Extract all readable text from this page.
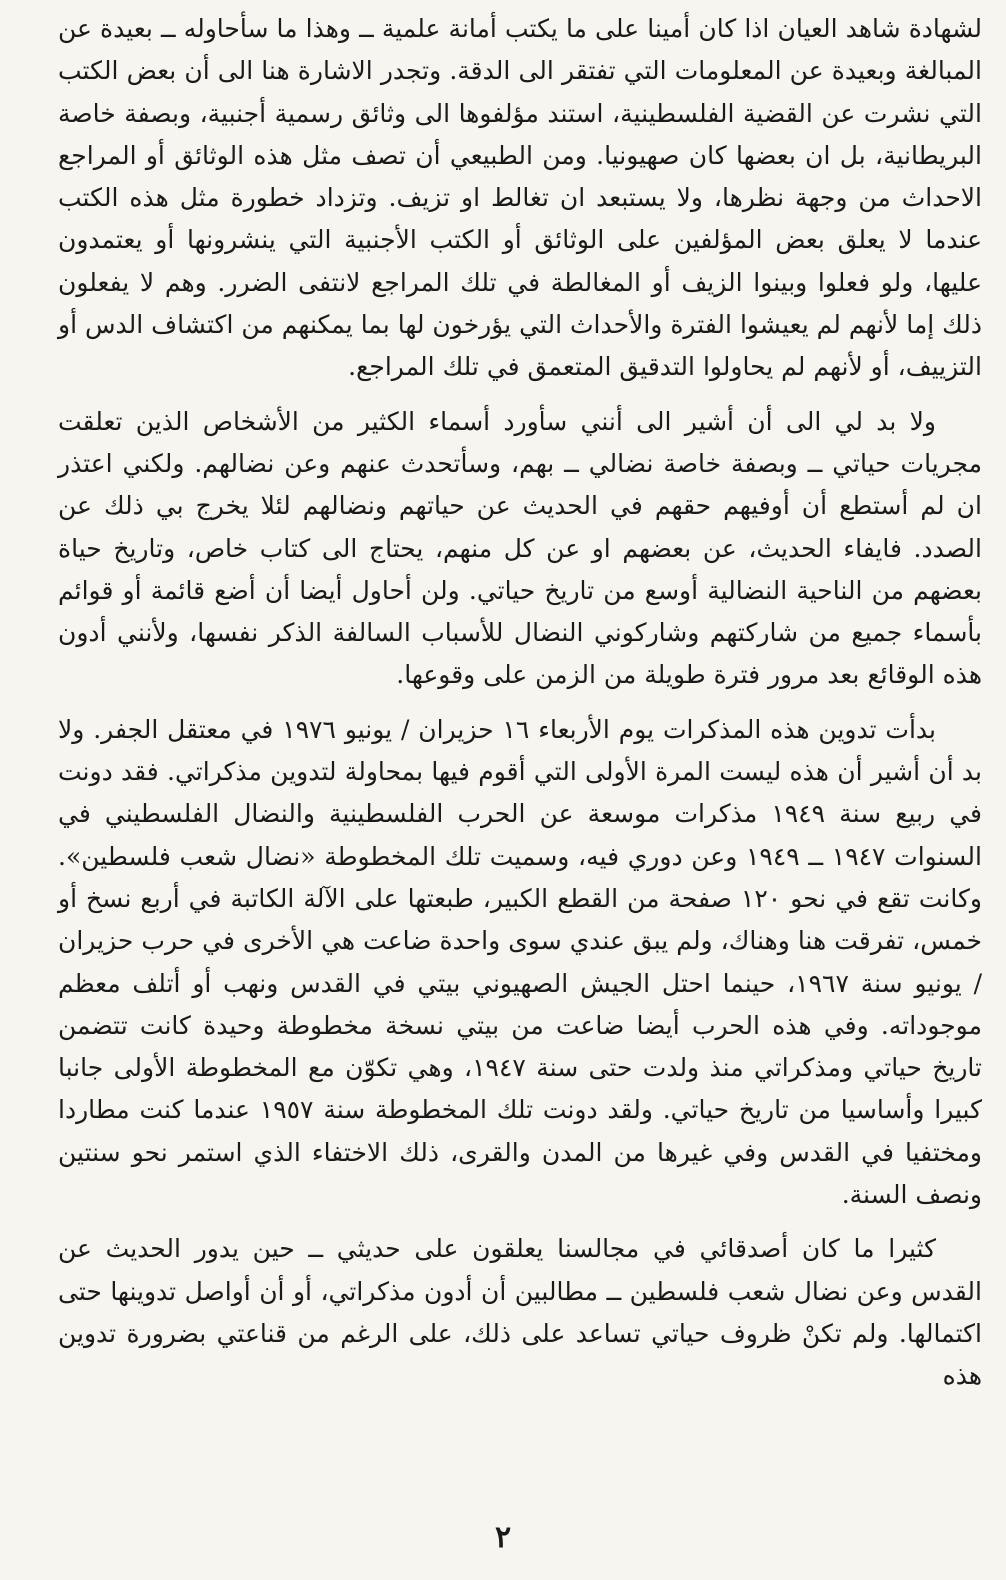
لشهادة شاهد العيان اذا كان أمينا على ما يكتب أمانة علمية ــ وهذا ما سأحاوله ــ بعيدة عن المبالغة وبعيدة عن المعلومات التي تفتقر الى الدقة. وتجدر الاشارة هنا الى أن بعض الكتب التي نشرت عن القضية الفلسطينية، استند مؤلفوها الى وثائق رسمية أجنبية، وبصفة خاصة البريطانية، بل ان بعضها كان صهيونيا. ومن الطبيعي أن تصف مثل هذه الوثائق أو المراجع الاحداث من وجهة نظرها، ولا يستبعد ان تغالط او تزيف. وتزداد خطورة مثل هذه الكتب عندما لا يعلق بعض المؤلفين على الوثائق أو الكتب الأجنبية التي ينشرونها أو يعتمدون عليها، ولو فعلوا وبينوا الزيف أو المغالطة في تلك المراجع لانتفى الضرر. وهم لا يفعلون ذلك إما لأنهم لم يعيشوا الفترة والأحداث التي يؤرخون لها بما يمكنهم من اكتشاف الدس أو التزييف، أو لأنهم لم يحاولوا التدقيق المتعمق في تلك المراجع.

ولا بد لي الى أن أشير الى أنني سأورد أسماء الكثير من الأشخاص الذين تعلقت مجريات حياتي ــ وبصفة خاصة نضالي ــ بهم، وسأتحدث عنهم وعن نضالهم. ولكني اعتذر ان لم أستطع أن أوفيهم حقهم في الحديث عن حياتهم ونضالهم لئلا يخرج بي ذلك عن الصدد. فايفاء الحديث، عن بعضهم او عن كل منهم، يحتاج الى كتاب خاص، وتاريخ حياة بعضهم من الناحية النضالية أوسع من تاريخ حياتي. ولن أحاول أيضا أن أضع قائمة أو قوائم بأسماء جميع من شاركتهم وشاركوني النضال للأسباب السالفة الذكر نفسها، ولأنني أدون هذه الوقائع بعد مرور فترة طويلة من الزمن على وقوعها.

بدأت تدوين هذه المذكرات يوم الأربعاء ١٦ حزيران / يونيو ١٩٧٦ في معتقل الجفر. ولا بد أن أشير أن هذه ليست المرة الأولى التي أقوم فيها بمحاولة لتدوين مذكراتي. فقد دونت في ربيع سنة ١٩٤٩ مذكرات موسعة عن الحرب الفلسطينية والنضال الفلسطيني في السنوات ١٩٤٧ ــ ١٩٤٩ وعن دوري فيه، وسميت تلك المخطوطة «نضال شعب فلسطين». وكانت تقع في نحو ١٢٠ صفحة من القطع الكبير، طبعتها على الآلة الكاتبة في أربع نسخ أو خمس، تفرقت هنا وهناك، ولم يبق عندي سوى واحدة ضاعت هي الأخرى في حرب حزيران / يونيو سنة ١٩٦٧، حينما احتل الجيش الصهيوني بيتي في القدس ونهب أو أتلف معظم موجوداته. وفي هذه الحرب أيضا ضاعت من بيتي نسخة مخطوطة وحيدة كانت تتضمن تاريخ حياتي ومذكراتي منذ ولدت حتى سنة ١٩٤٧، وهي تكوّن مع المخطوطة الأولى جانبا كبيرا وأساسيا من تاريخ حياتي. ولقد دونت تلك المخطوطة سنة ١٩٥٧ عندما كنت مطاردا ومختفيا في القدس وفي غيرها من المدن والقرى، ذلك الاختفاء الذي استمر نحو سنتين ونصف السنة.

كثيرا ما كان أصدقائي في مجالسنا يعلقون على حديثي ــ حين يدور الحديث عن القدس وعن نضال شعب فلسطين ــ مطالبين أن أدون مذكراتي، أو أن أواصل تدوينها حتى اكتمالها. ولم تكنْ ظروف حياتي تساعد على ذلك، على الرغم من قناعتي بضرورة تدوين هذه

٢
